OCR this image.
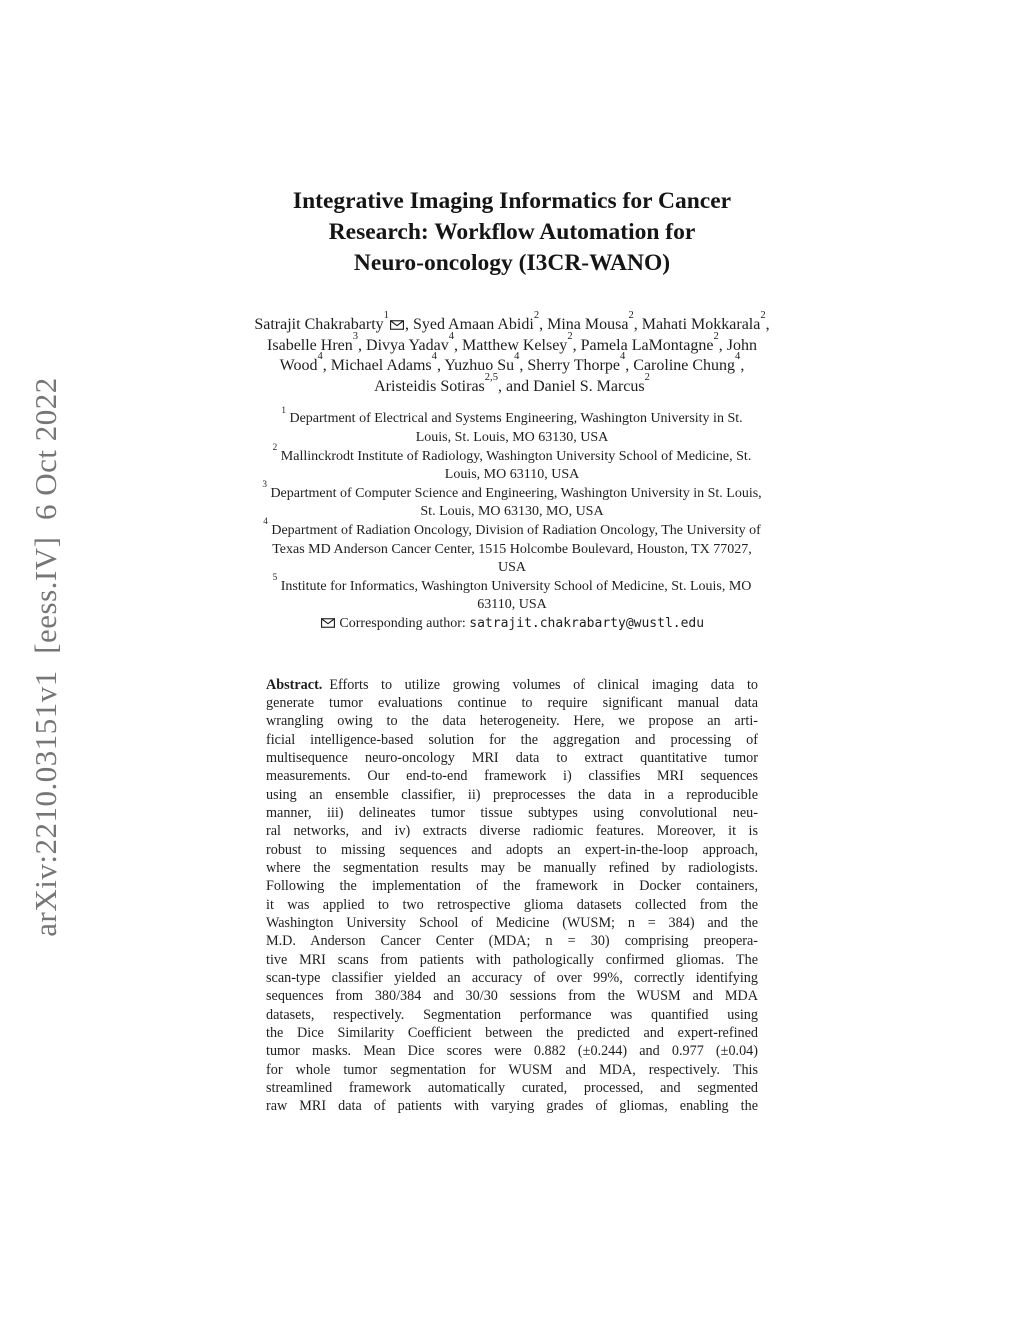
arXiv:2210.03151v1  [eess.IV]  6 Oct 2022
Integrative Imaging Informatics for Cancer
Research: Workflow Automation for
Neuro-oncology (I3CR-WANO)
Satrajit Chakrabarty$^1$, Syed Amaan Abidi$^2$, Mina Mousa$^2$, Mahati Mokkarala$^2$, Isabelle Hren$^3$, Divya Yadav$^4$, Matthew Kelsey$^2$, Pamela LaMontagne$^2$, John Wood$^4$, Michael Adams$^4$, Yuzhuo Su$^4$, Sherry Thorpe$^4$, Caroline Chung$^4$, Aristeidis Sotiras$^{2,5}$, and Daniel S. Marcus$^2$
$^1$ Department of Electrical and Systems Engineering, Washington University in St. Louis, St. Louis, MO 63130, USA
$^2$ Mallinckrodt Institute of Radiology, Washington University School of Medicine, St. Louis, MO 63110, USA
$^3$ Department of Computer Science and Engineering, Washington University in St. Louis, St. Louis, MO 63130, MO, USA
$^4$ Department of Radiation Oncology, Division of Radiation Oncology, The University of Texas MD Anderson Cancer Center, 1515 Holcombe Boulevard, Houston, TX 77027, USA
$^5$ Institute for Informatics, Washington University School of Medicine, St. Louis, MO 63110, USA
Corresponding author: satrajit.chakrabarty@wustl.edu
Abstract. Efforts to utilize growing volumes of clinical imaging data to
generate tumor evaluations continue to require significant manual data
wrangling owing to the data heterogeneity. Here, we propose an arti-
ficial intelligence-based solution for the aggregation and processing of
multisequence neuro-oncology MRI data to extract quantitative tumor
measurements. Our end-to-end framework i) classifies MRI sequences
using an ensemble classifier, ii) preprocesses the data in a reproducible
manner, iii) delineates tumor tissue subtypes using convolutional neu-
ral networks, and iv) extracts diverse radiomic features. Moreover, it is
robust to missing sequences and adopts an expert-in-the-loop approach,
where the segmentation results may be manually refined by radiologists.
Following the implementation of the framework in Docker containers,
it was applied to two retrospective glioma datasets collected from the
Washington University School of Medicine (WUSM; n = 384) and the
M.D. Anderson Cancer Center (MDA; n = 30) comprising preopera-
tive MRI scans from patients with pathologically confirmed gliomas. The
scan-type classifier yielded an accuracy of over 99%, correctly identifying
sequences from 380/384 and 30/30 sessions from the WUSM and MDA
datasets, respectively. Segmentation performance was quantified using
the Dice Similarity Coefficient between the predicted and expert-refined
tumor masks. Mean Dice scores were 0.882 (±0.244) and 0.977 (±0.04)
for whole tumor segmentation for WUSM and MDA, respectively. This
streamlined framework automatically curated, processed, and segmented
raw MRI data of patients with varying grades of gliomas, enabling the
